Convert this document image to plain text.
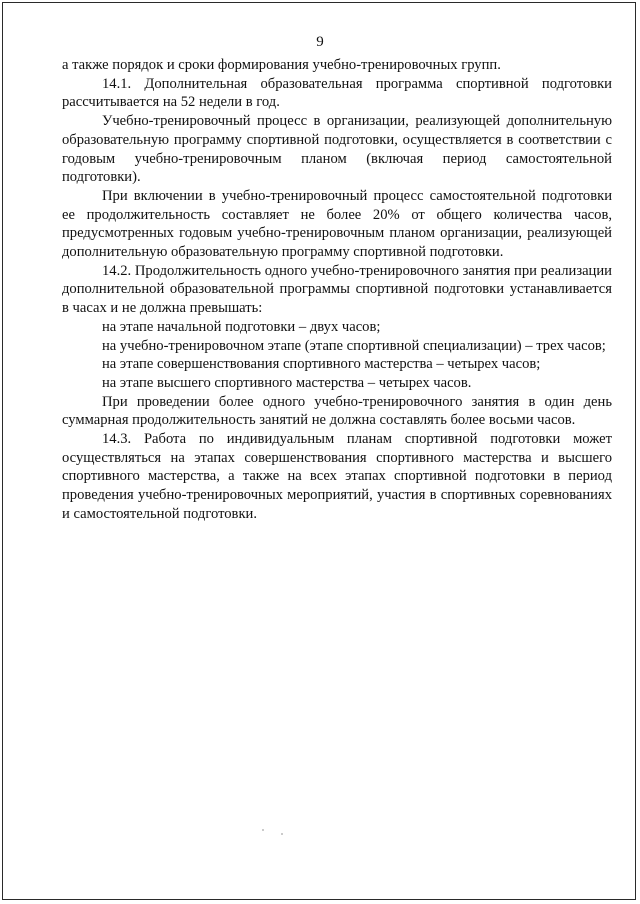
9

а также порядок и сроки формирования учебно-тренировочных групп.

14.1. Дополнительная образовательная программа спортивной подготовки рассчитывается на 52 недели в год.

Учебно-тренировочный процесс в организации, реализующей дополнительную образовательную программу спортивной подготовки, осуществляется в соответствии с годовым учебно-тренировочным планом (включая период самостоятельной подготовки).

При включении в учебно-тренировочный процесс самостоятельной подготовки ее продолжительность составляет не более 20% от общего количества часов, предусмотренных годовым учебно-тренировочным планом организации, реализующей дополнительную образовательную программу спортивной подготовки.

14.2. Продолжительность одного учебно-тренировочного занятия при реализации дополнительной образовательной программы спортивной подготовки устанавливается в часах и не должна превышать:

на этапе начальной подготовки – двух часов;

на учебно-тренировочном этапе (этапе спортивной специализации) – трех часов;

на этапе совершенствования спортивного мастерства – четырех часов;

на этапе высшего спортивного мастерства – четырех часов.

При проведении более одного учебно-тренировочного занятия в один день суммарная продолжительность занятий не должна составлять более восьми часов.

14.3. Работа по индивидуальным планам спортивной подготовки может осуществляться на этапах совершенствования спортивного мастерства и высшего спортивного мастерства, а также на всех этапах спортивной подготовки в период проведения учебно-тренировочных мероприятий, участия в спортивных соревнованиях и самостоятельной подготовки.
